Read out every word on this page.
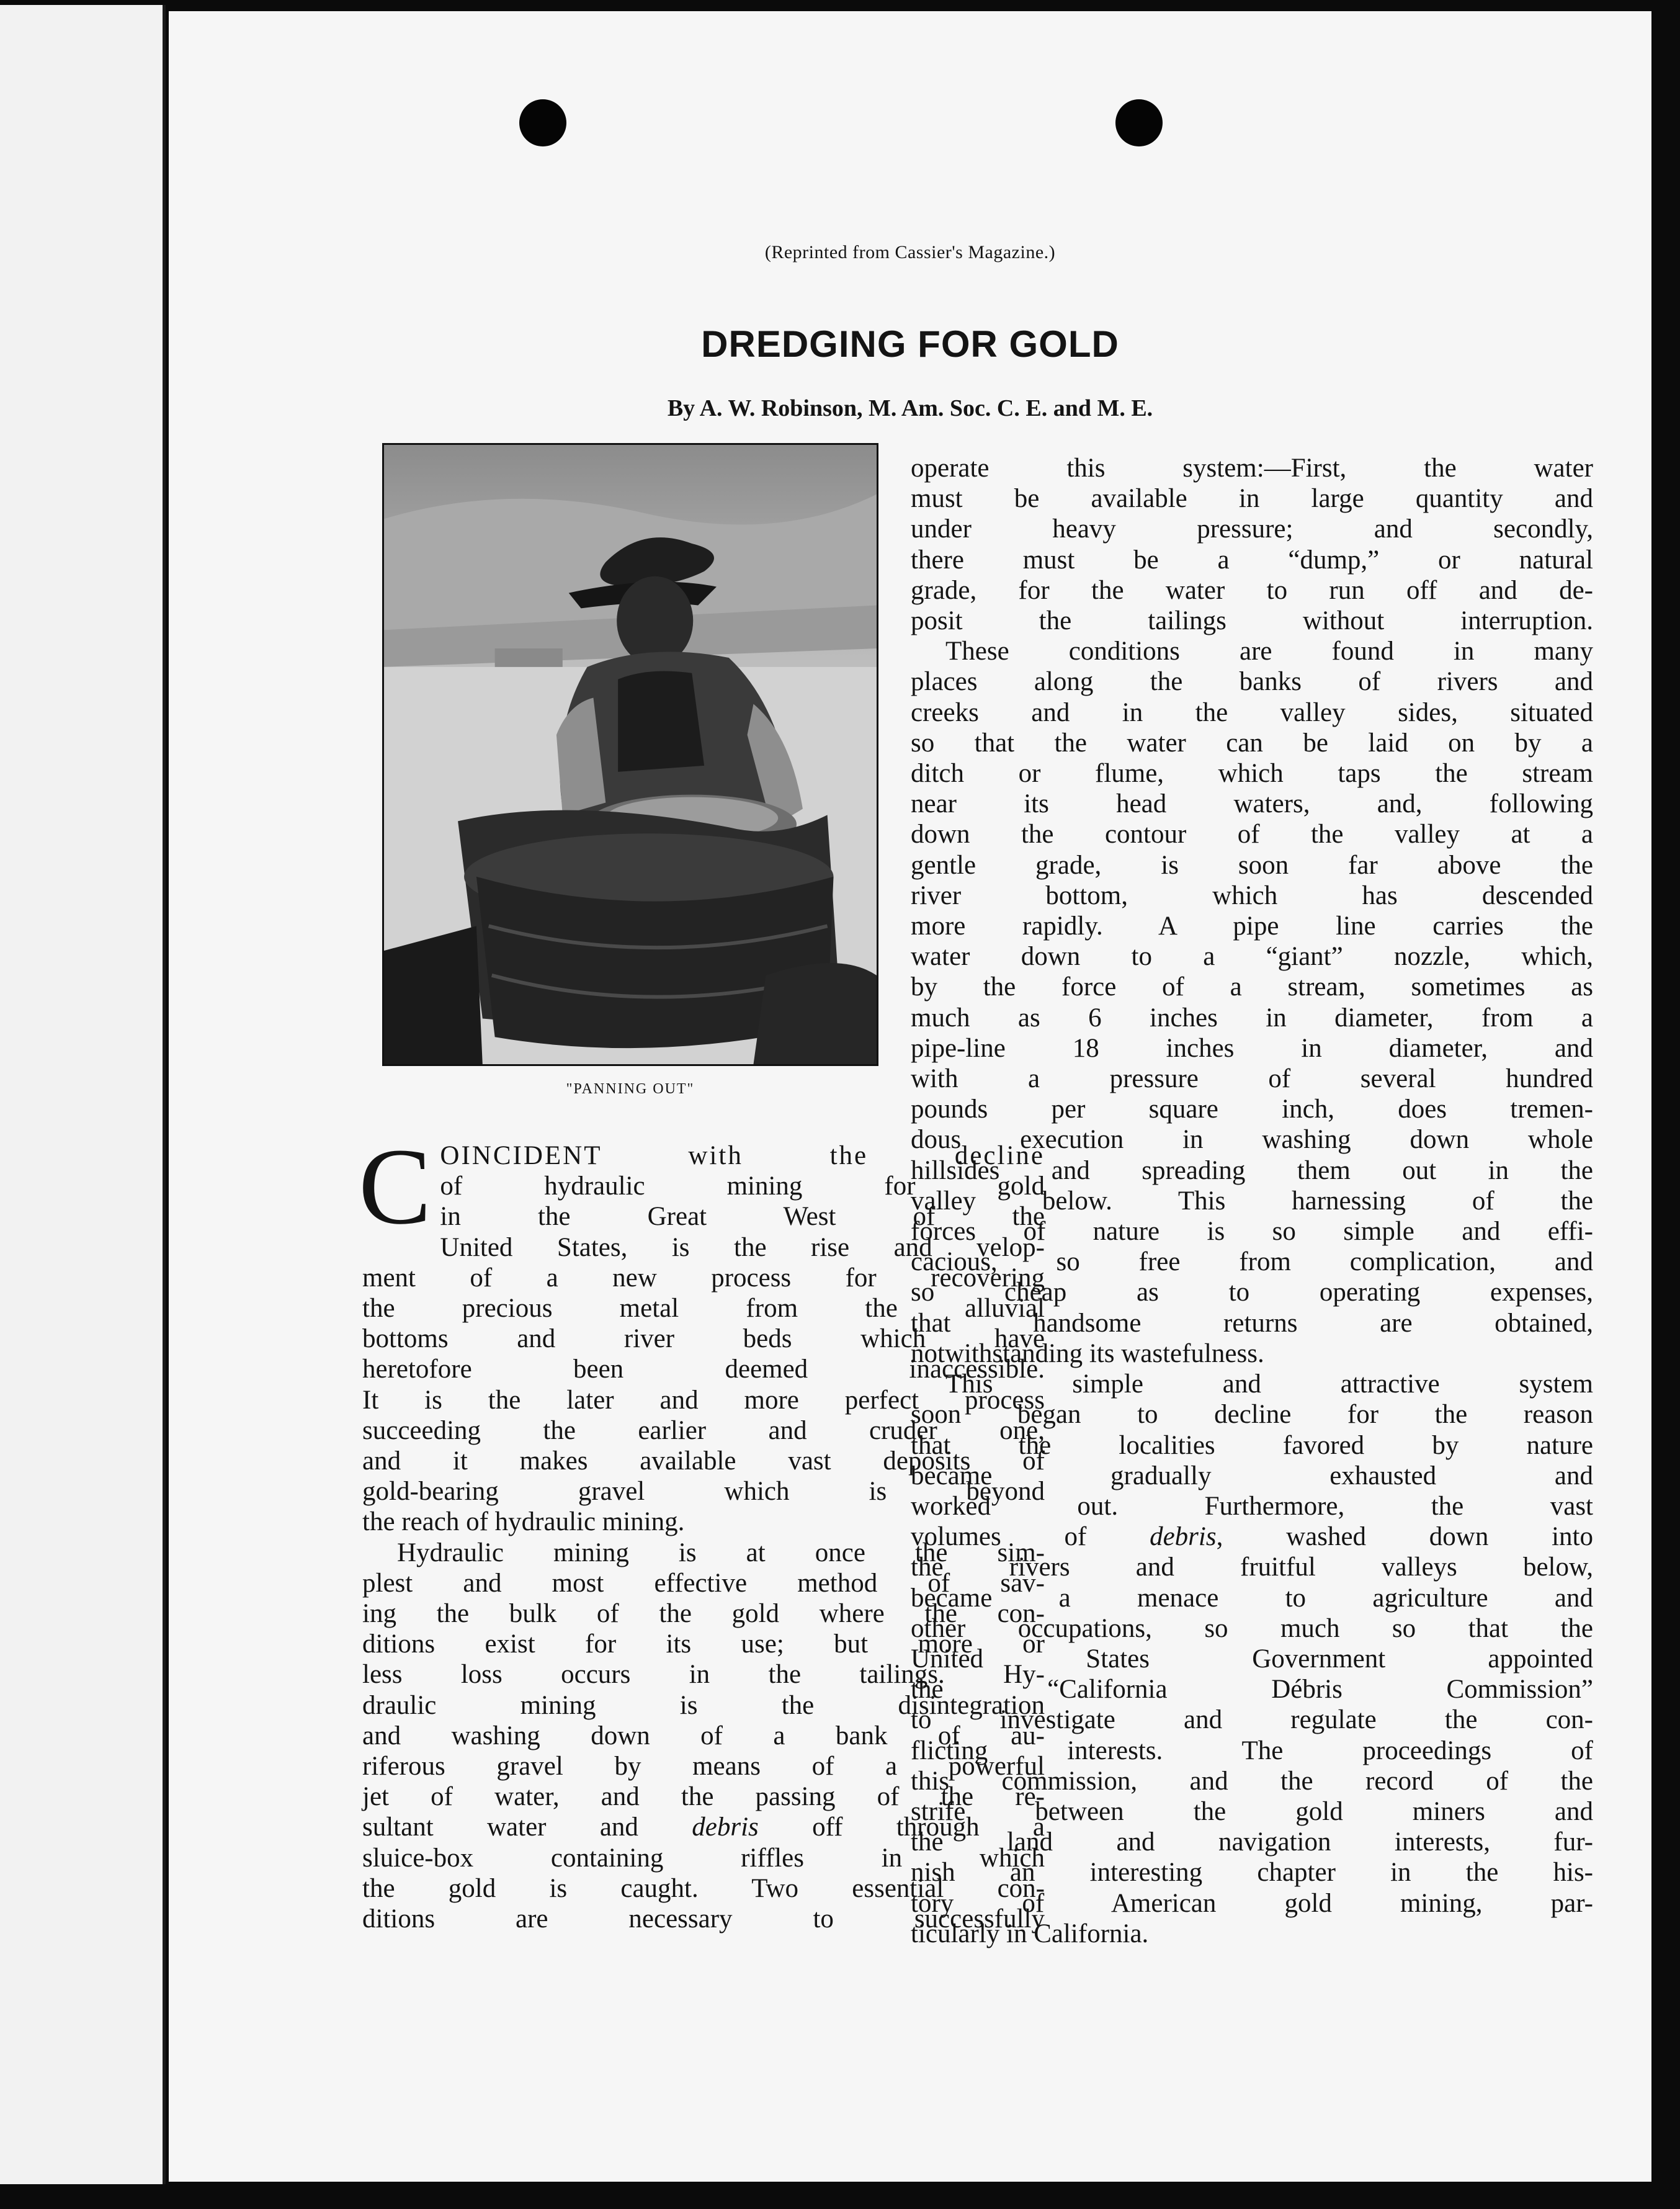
(Reprinted from Cassier's Magazine.)
DREDGING FOR GOLD
By A. W. Robinson, M. Am. Soc. C. E. and M. E.
"PANNING OUT"
C OINCIDENT with the decline
of hydraulic mining for gold
in the Great West of the
United States, is the rise and velop-
ment of a new process for recovering
the precious metal from the alluvial
bottoms and river beds which have
heretofore been deemed inaccessible.
It is the later and more perfect process
succeeding the earlier and cruder one,
and it makes available vast deposits of
gold-bearing gravel which is beyond
the reach of hydraulic mining.
Hydraulic mining is at once the sim-
plest and most effective method of sav-
ing the bulk of the gold where the con-
ditions exist for its use; but more or
less loss occurs in the tailings. Hy-
draulic mining is the disintegration
and washing down of a bank of au-
riferous gravel by means of a powerful
jet of water, and the passing of the re-
sultant water and debris off through a
sluice-box containing riffles in which
the gold is caught. Two essential con-
ditions are necessary to successfully
operate this system:—First, the water
must be available in large quantity and
under heavy pressure; and secondly,
there must be a “dump,” or natural
grade, for the water to run off and de-
posit the tailings without interruption.
These conditions are found in many
places along the banks of rivers and
creeks and in the valley sides, situated
so that the water can be laid on by a
ditch or flume, which taps the stream
near its head waters, and, following
down the contour of the valley at a
gentle grade, is soon far above the
river bottom, which has descended
more rapidly. A pipe line carries the
water down to a “giant” nozzle, which,
by the force of a stream, sometimes as
much as 6 inches in diameter, from a
pipe-line 18 inches in diameter, and
with a pressure of several hundred
pounds per square inch, does tremen-
dous execution in washing down whole
hillsides and spreading them out in the
valley below. This harnessing of the
forces of nature is so simple and effi-
cacious, so free from complication, and
so cheap as to operating expenses,
that handsome returns are obtained,
notwithstanding its wastefulness.
This simple and attractive system
soon began to decline for the reason
that the localities favored by nature
became gradually exhausted and
worked out. Furthermore, the vast
volumes of debris, washed down into
the rivers and fruitful valleys below,
became a menace to agriculture and
other occupations, so much so that the
United States Government appointed
the “California Débris Commission”
to investigate and regulate the con-
flicting interests. The proceedings of
this commission, and the record of the
strife between the gold miners and
the land and navigation interests, fur-
nish an interesting chapter in the his-
tory of American gold mining, par-
ticularly in California.
